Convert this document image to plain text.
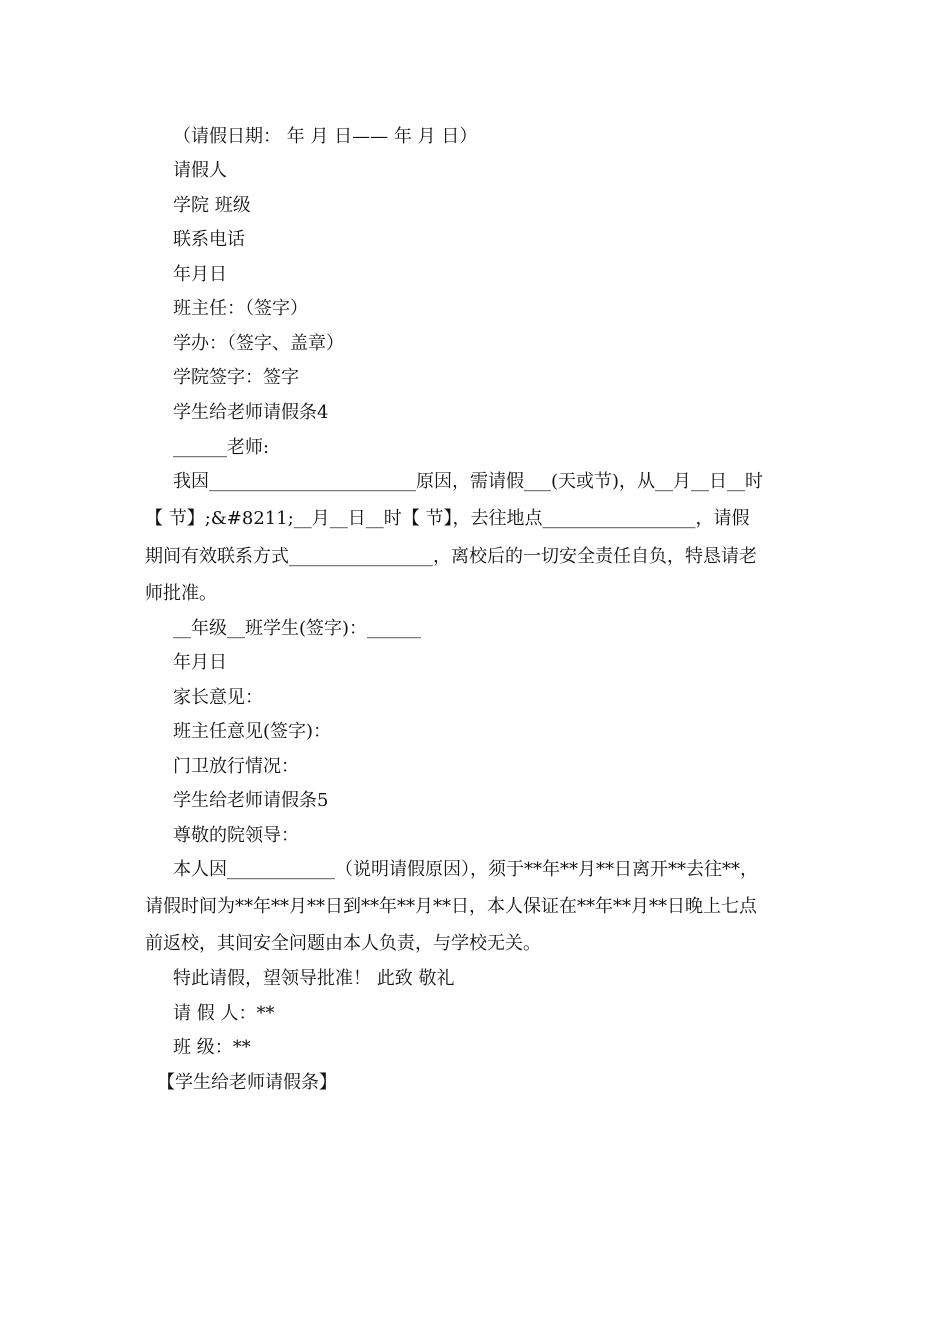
（请假日期： 年 月 日—— 年 月 日）
请假人
学院 班级
联系电话
年月日
班主任：（签字）
学办：（签字、盖章）
学院签字：签字
学生给老师请假条4
______老师:
我因_______________________原因，需请假___(天或节)，从__月__日__时
【 节】;&#8211;__月__日__时【 节】，去往地点_________________，请假
期间有效联系方式________________，离校后的一切安全责任自负，特恳请老
师批准。
__年级__班学生(签字)：______
年月日
家长意见：
班主任意见(签字)：
门卫放行情况：
学生给老师请假条5
尊敬的院领导：
本人因____________（说明请假原因），须于**年**月**日离开**去往**，
请假时间为**年**月**日到**年**月**日，本人保证在**年**月**日晚上七点
前返校，其间安全问题由本人负责，与学校无关。
特此请假，望领导批准！ 此致 敬礼
请 假 人：**
班 级：**
【学生给老师请假条】
